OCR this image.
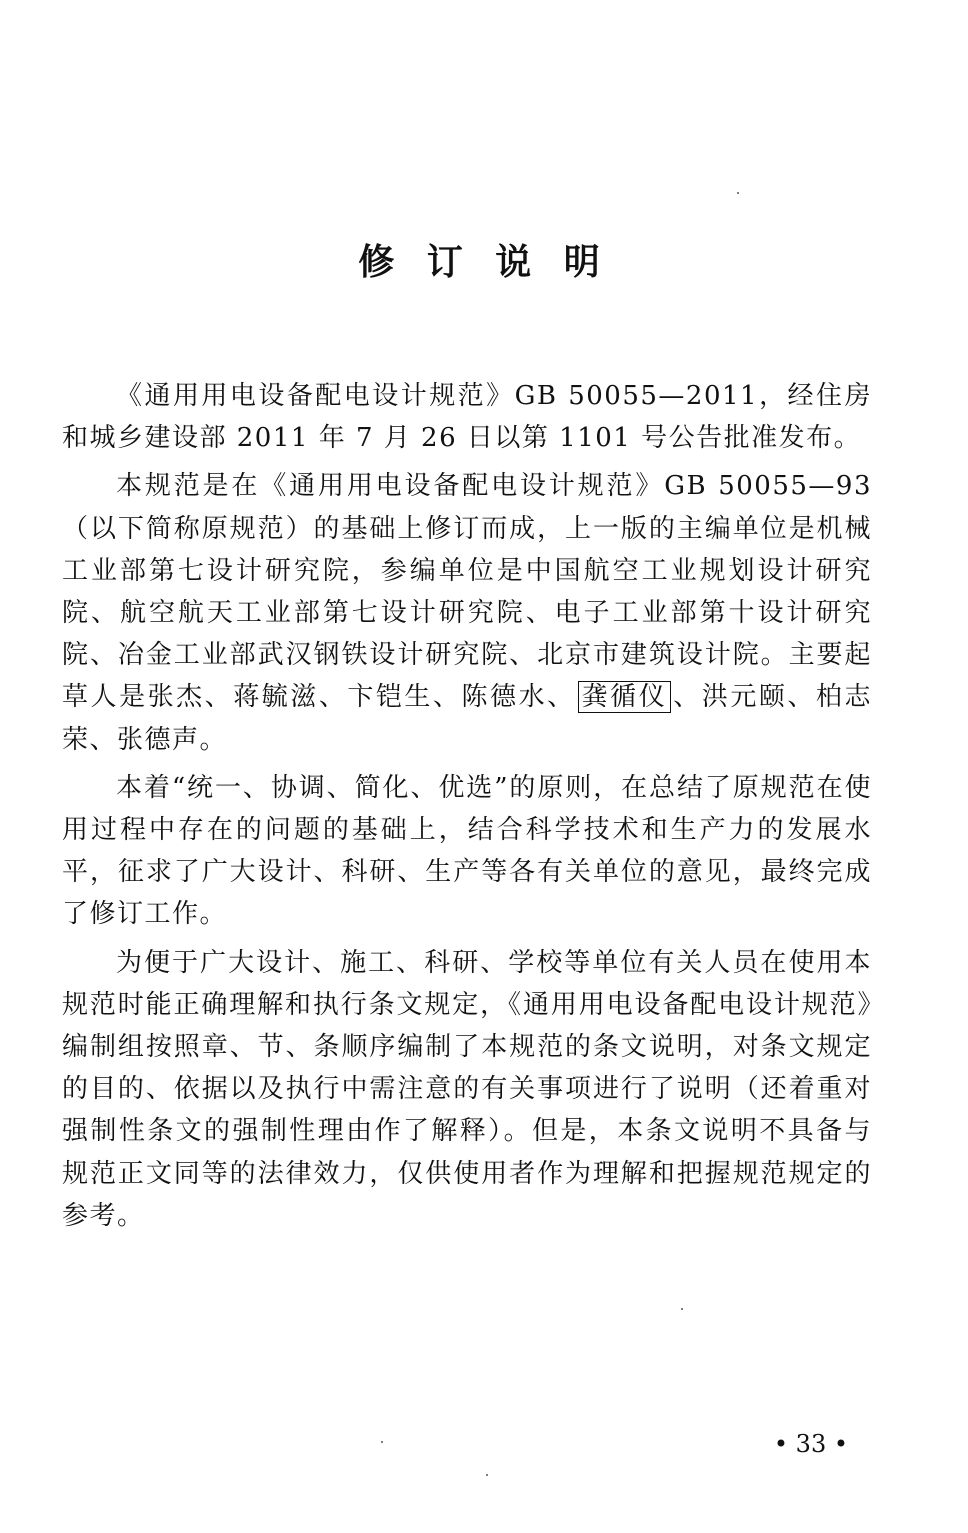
修 订 说 明

《通用用电设备配电设计规范》GB 50055—2011，经住房和城乡建设部 2011 年 7 月 26 日以第 1101 号公告批准发布。

本规范是在《通用用电设备配电设计规范》GB 50055—93（以下简称原规范）的基础上修订而成，上一版的主编单位是机械工业部第七设计研究院，参编单位是中国航空工业规划设计研究院、航空航天工业部第七设计研究院、电子工业部第十设计研究院、冶金工业部武汉钢铁设计研究院、北京市建筑设计院。主要起草人是张杰、蒋毓滋、卞铠生、陈德水、 龚循仪 、洪元颐、柏志荣、张德声。

本着“统一、协调、简化、优选”的原则，在总结了原规范在使用过程中存在的问题的基础上，结合科学技术和生产力的发展水平，征求了广大设计、科研、生产等各有关单位的意见，最终完成了修订工作。

为便于广大设计、施工、科研、学校等单位有关人员在使用本规范时能正确理解和执行条文规定，《通用用电设备配电设计规范》编制组按照章、节、条顺序编制了本规范的条文说明，对条文规定的目的、依据以及执行中需注意的有关事项进行了说明（还着重对强制性条文的强制性理由作了解释）。但是，本条文说明不具备与规范正文同等的法律效力，仅供使用者作为理解和把握规范规定的参考。

• 33 •
